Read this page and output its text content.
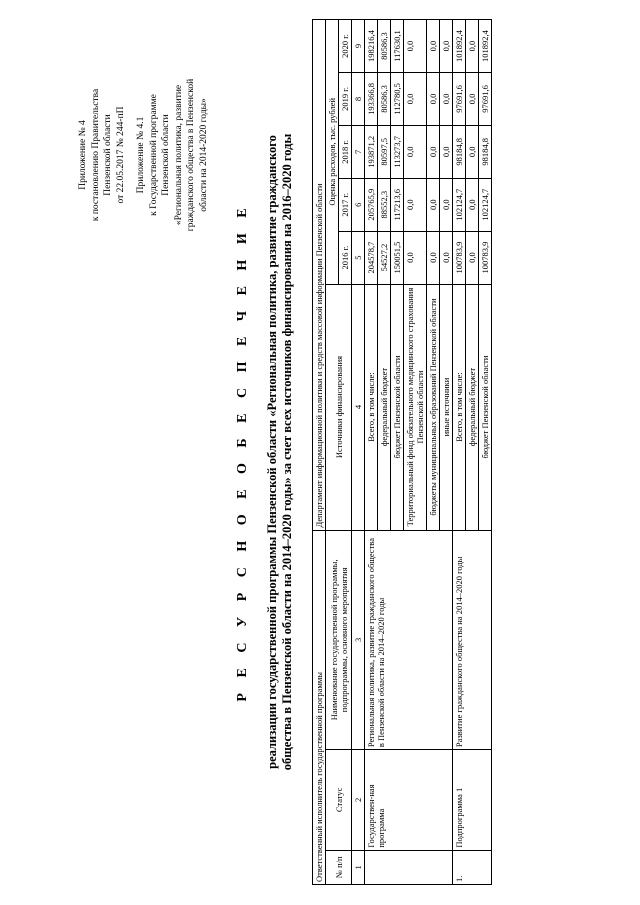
Приложение № 4 к постановлению Правительства Пензенской области от 22.05.2017 № 244-пП Приложение № 4.1 к Государственной программе Пензенской области «Региональная политика, развитие гражданского общества в Пензенской области на 2014-2020 годы»
Р Е С У Р С Н О Е О Б Е С П Е Ч Е Н И Е реализации государственной программы Пензенской области «Региональная политика, развитие гражданского общества в Пензенской области на 2014–2020 годы» за счет всех источников финансирования на 2016–2020 годы
Ответственный исполнитель государственной программы			Департамент информационной политики и средств массовой информации Пензенской области					
№ п/п	Статус	Наименование государственной программы, подпрограммы, основного мероприятия	Источники финансирования	Оценка расходов, тыс. рублей				
				2016 г.	2017 г.	2018 г.	2019 г.	2020 г.
1	2	3	4	5	6	7	8	9
	Государствен-ная программа	Региональная политика, развитие гражданского общества в Пензенской области на 2014–2020 годы	Всего, в том числе:	204578,7	205765,9	193871,2	193366,8	198216,4
			федеральный бюджет	54527,2	88552,3	80597,5	80586,3	80586,3
			бюджет Пензенской области	150051,5	117213,6	113273,7	112780,5	117630,1
			Территориальный фонд обязательного медицинского страхования Пензенской области	0,0	0,0	0,0	0,0	0,0
			бюджеты муниципальных образований Пензенской области	0,0	0,0	0,0	0,0	0,0
			иные источники	0,0	0,0	0,0	0,0	0,0
1.	Подпрограмма 1	Развитие гражданского общества на 2014–2020 годы	Всего, в том числе:	100783,9	102124,7	98184,8	97691,6	101892,4
			федеральный бюджет	0,0	0,0	0,0	0,0	0,0
			бюджет Пензенской области	100783,9	102124,7	98184,8	97691,6	101892,4
